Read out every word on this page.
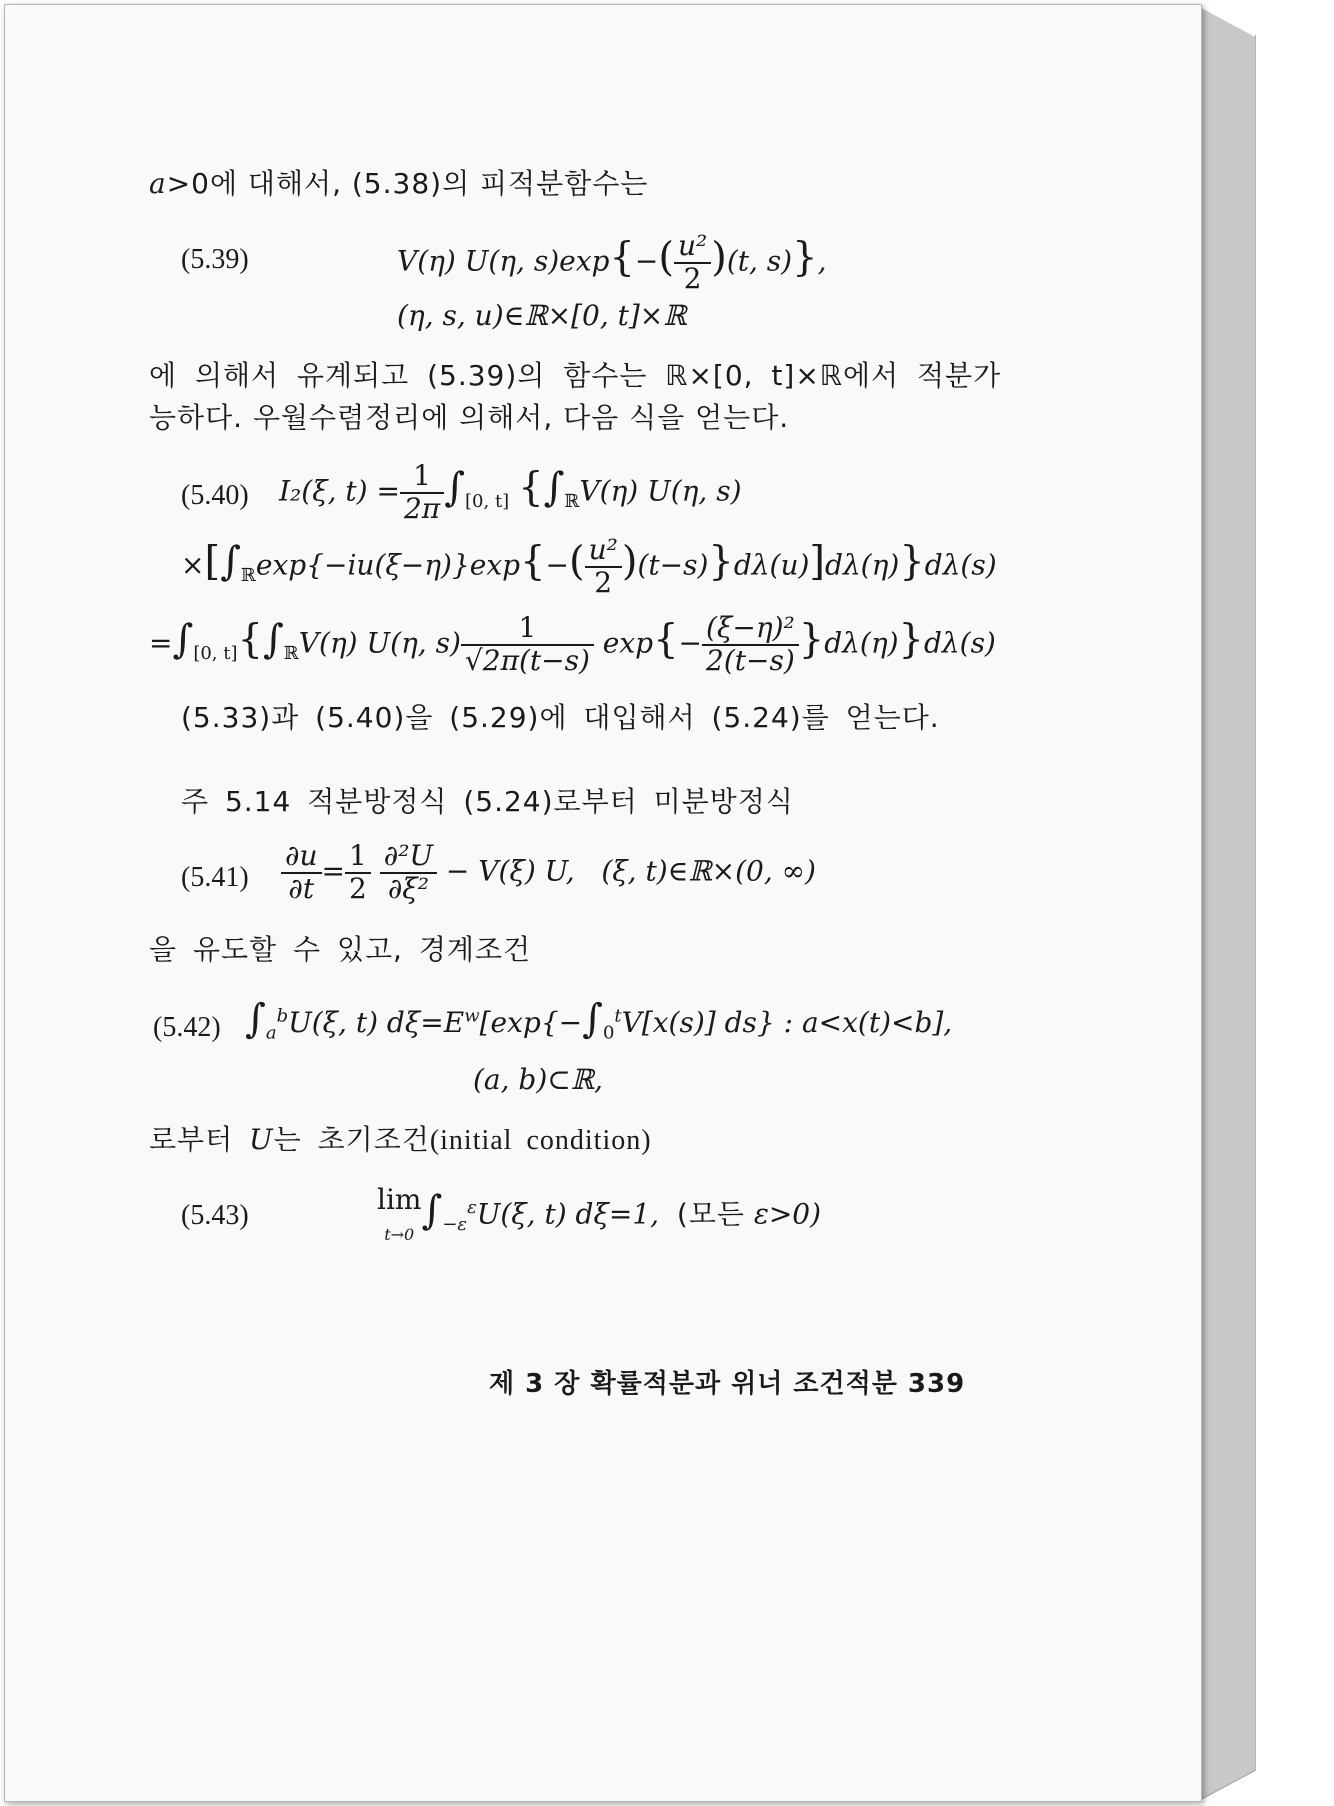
a>0에 대해서, (5.38)의 피적분함수는
(5.39)	V(η) U(η, $s)\exp\{-( \frac{\text{u²}}{2} )(t$, s)},
(η, s, u)∈ℝ×[0, t]×ℝ
에 의해서 유계되고 (5.39)의 함수는 ℝ×[0, t]×ℝ에서 적분가
능하다. 우월수렴정리에 의해서, 다음 식을 얻는다.
(5.40) I₂(ξ, $t) = \frac{1}{2\pi} \int_{[0, t]}$ {$\int_ℝV(\eta)$ U(η, s)
$\times[\int_ℝ\exp\{-iu(\xi-\eta)\}\exp\{-( \frac{\text{u²}}{2} )(t-s)\}d\lambda(u)]d\lambda(\eta)\}d\lambda(s)$
$=\int_{[0, t]}\{\int_ℝV(\eta)$ U(η, $s) \frac{1}{√2\pi(t-s)} \exp\{- \frac{\text{(ξ−η)²}}{2(t-s)} \}d\lambda(\eta)\}d\lambda(s)$
(5.33)과 (5.40)을 (5.29)에 대입해서 (5.24)를 얻는다.
주 5.14 적분방정식 (5.24)로부터 미분방정식
$(5.41) \frac{\partial u}{\partial t} = \frac{1}{2}$
$\frac{\text{∂²U}}{\text{∂ξ²}} - V(\xi)$ U,   (ξ, t)∈ℝ×(0, ∞)
을 유도할 수 있고, 경계조건
(5.42) $\int_a^bU(\xi$, t) $d\xi=E^w[\exp\{-\int_0^tV[x(s)]$ ds} : a<x(t)<b],
(a, b)⊂ℝ,
로부터 U는 초기조건(initial condition)
(5.43)	lim
$t\to 0\int_{-\varepsilon}^\varepsilon U(\xi$, t) dξ=1,  (모든 ε>0)
제 3 장 확률적분과 위너 조건적분 339
